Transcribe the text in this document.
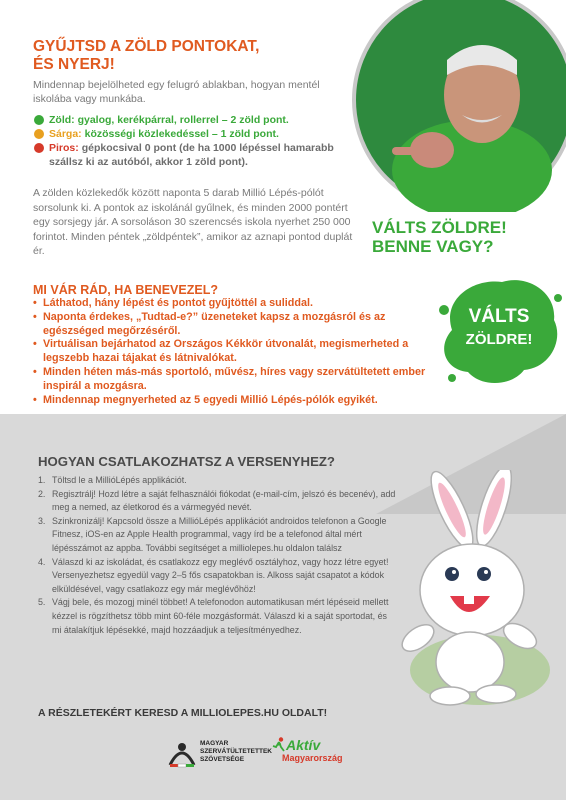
GYŰJTSD A ZÖLD PONTOKAT,
ÉS NYERJ!
Mindennap bejelölheted egy felugró ablakban, hogyan mentél iskolába vagy munkába.
Zöld: gyalog, kerékpárral, rollerrel – 2 zöld pont.
Sárga: közösségi közlekedéssel – 1 zöld pont.
Piros: gépkocsival 0 pont (de ha 1000 lépéssel hamarabb szállsz ki az autóból, akkor 1 zöld pont).
A zölden közlekedők között naponta 5 darab Millió Lépés-pólót sorsolunk ki. A pontok az iskolánál gyűlnek, és minden 2000 pontért egy sorsjegy jár. A sorsoláson 30 szerencsés iskola nyerhet 250 000 forintot. Minden péntek „zöldpéntek”, amikor az aznapi pontod duplát ér.
VÁLTS ZÖLDRE!
BENNE VAGY?
MI VÁR RÁD, HA BENEVEZEL?
• Láthatod, hány lépést és pontot gyűjtöttél a suliddal.
• Naponta érdekes, „Tudtad-e?” üzeneteket kapsz a mozgásról és az egészséged megőrzéséről.
• Virtuálisan bejárhatod az Országos Kékkör útvonalát, megismerheted a legszebb hazai tájakat és látnivalókat.
• Minden héten más-más sportoló, művész, híres vagy szervátültetett ember inspirál a mozgásra.
• Mindennap megnyerheted az 5 egyedi Millió Lépés-pólók egyikét.
VÁLTS
ZÖLDRE!
HOGYAN CSATLAKOZHATSZ A VERSENYHEZ?
1. Töltsd le a MillióLépés applikációt.
2. Regisztrálj! Hozd létre a saját felhasználói fiókodat (e-mail-cím, jelszó és becenév), add meg a nemed, az életkorod és a vármegyéd nevét.
3. Szinkronizálj! Kapcsold össze a MillióLépés applikációt androidos telefonon a Google Fitnesz, iOS-en az Apple Health programmal, vagy írd be a telefonod által mért lépésszámot az appba. További segítséget a milliolepes.hu oldalon találsz
4. Válaszd ki az iskoládat, és csatlakozz egy meglévő osztályhoz, vagy hozz létre egyet! Versenyezhetsz egyedül vagy 2–5 fős csapatokban is. Alkoss saját csapatot a kódok elküldésével, vagy csatlakozz egy már meglévőhöz!
5. Vágj bele, és mozogj minél többet! A telefonodon automatikusan mért lépéseid mellett kézzel is rögzíthetsz több mint 60-féle mozgásformát. Válaszd ki a saját sportodat, és mi átalakítjuk lépésekké, majd hozzáadjuk a teljesítményedhez.
A RÉSZLETEKÉRT KERESD A MILLIOLEPES.HU OLDALT!
MAGYAR
SZERVÁTÜLTETETTEK
SZÖVETSÉGE
Aktív
Magyarország
